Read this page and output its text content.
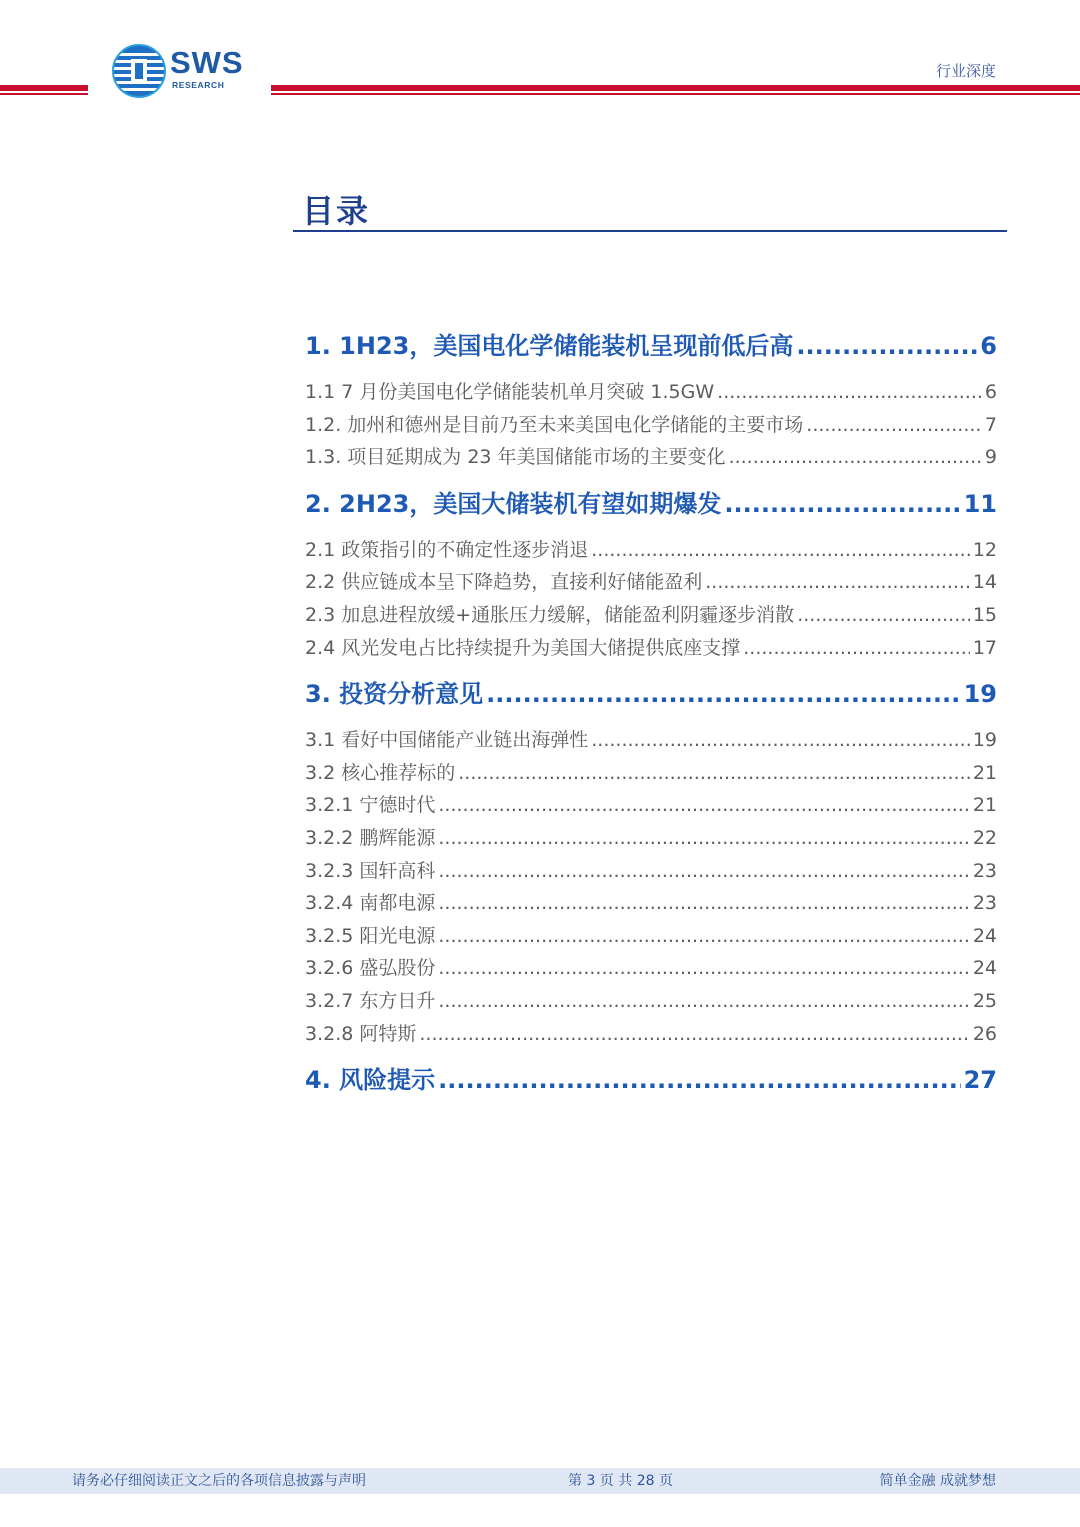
SWS
RESEARCH
行业深度
目录
1. 1H23，美国电化学储能装机呈现前低后高 .....	6
1.1 7 月份美国电化学储能装机单月突破 1.5GW .....	6
1.2. 加州和德州是目前乃至未来美国电化学储能的主要市场 .....	7
1.3. 项目延期成为 23 年美国储能市场的主要变化 .....	9
2. 2H23，美国大储装机有望如期爆发 .....	11
2.1 政策指引的不确定性逐步消退 .....	12
2.2 供应链成本呈下降趋势，直接利好储能盈利 .....	14
2.3 加息进程放缓+通胀压力缓解，储能盈利阴霾逐步消散 .....	15
2.4 风光发电占比持续提升为美国大储提供底座支撑 .....	17
3. 投资分析意见 .....	19
3.1 看好中国储能产业链出海弹性 .....	19
3.2 核心推荐标的 .....	21
3.2.1 宁德时代 .....	21
3.2.2 鹏辉能源 .....	22
3.2.3 国轩高科 .....	23
3.2.4 南都电源 .....	23
3.2.5 阳光电源 .....	24
3.2.6 盛弘股份 .....	24
3.2.7 东方日升 .....	25
3.2.8 阿特斯 .....	26
4. 风险提示 .....	27
请务必仔细阅读正文之后的各项信息披露与声明	第 3 页 共 28 页	简单金融 成就梦想
